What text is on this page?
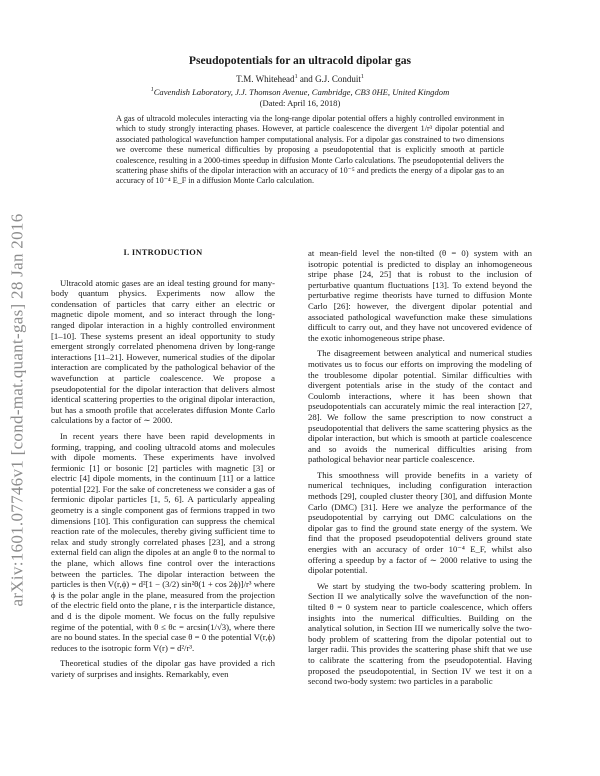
arXiv:1601.07746v1 [cond-mat.quant-gas] 28 Jan 2016
Pseudopotentials for an ultracold dipolar gas
T.M. Whitehead$^1$ and G.J. Conduit$^1$
$^1$Cavendish Laboratory, J.J. Thomson Avenue, Cambridge, CB3 0HE, United Kingdom
(Dated: April 16, 2018)
A gas of ultracold molecules interacting via the long-range dipolar potential offers a highly controlled environment in which to study strongly interacting phases. However, at particle coalescence the divergent 1/r³ dipolar potential and associated pathological wavefunction hamper computational analysis. For a dipolar gas constrained to two dimensions we overcome these numerical difficulties by proposing a pseudopotential that is explicitly smooth at particle coalescence, resulting in a 2000-times speedup in diffusion Monte Carlo calculations. The pseudopotential delivers the scattering phase shifts of the dipolar interaction with an accuracy of 10⁻⁵ and predicts the energy of a dipolar gas to an accuracy of 10⁻⁴ E_F in a diffusion Monte Carlo calculation.
I. INTRODUCTION

Ultracold atomic gases are an ideal testing ground for many-body quantum physics. Experiments now allow the condensation of particles that carry either an electric or magnetic dipole moment, and so interact through the long-ranged dipolar interaction in a highly controlled environment [1–10]. These systems present an ideal opportunity to study emergent strongly correlated phenomena driven by long-range interactions [11–21]. However, numerical studies of the dipolar interaction are complicated by the pathological behavior of the wavefunction at particle coalescence. We propose a pseudopotential for the dipolar interaction that delivers almost identical scattering properties to the original dipolar interaction, but has a smooth profile that accelerates diffusion Monte Carlo calculations by a factor of ∼ 2000.

In recent years there have been rapid developments in forming, trapping, and cooling ultracold atoms and molecules with dipole moments. These experiments have involved fermionic [1] or bosonic [2] particles with magnetic [3] or electric [4] dipole moments, in the continuum [11] or a lattice potential [22]. For the sake of concreteness we consider a gas of fermionic dipolar particles [1, 5, 6]. A particularly appealing geometry is a single component gas of fermions trapped in two dimensions [10]. This configuration can suppress the chemical reaction rate of the molecules, thereby giving sufficient time to relax and study strongly correlated phases [23], and a strong external field can align the dipoles at an angle θ to the normal to the plane, which allows fine control over the interactions between the particles. The dipolar interaction between the particles is then V(r,ϕ) = d²[1 − (3/2) sin²θ(1 + cos 2ϕ)]/r³ where ϕ is the polar angle in the plane, measured from the projection of the electric field onto the plane, r is the interparticle distance, and d is the dipole moment. We focus on the fully repulsive regime of the potential, with θ ≤ θc = arcsin(1/√3), where there are no bound states. In the special case θ = 0 the potential V(r,ϕ) reduces to the isotropic form V(r) = d²/r³.

Theoretical studies of the dipolar gas have provided a rich variety of surprises and insights. Remarkably, even

at mean-field level the non-tilted (θ = 0) system with an isotropic potential is predicted to display an inhomogeneous stripe phase [24, 25] that is robust to the inclusion of perturbative quantum fluctuations [13]. To extend beyond the perturbative regime theorists have turned to diffusion Monte Carlo [26]: however, the divergent dipolar potential and associated pathological wavefunction make these simulations difficult to carry out, and they have not uncovered evidence of the exotic inhomogeneous stripe phase.

The disagreement between analytical and numerical studies motivates us to focus our efforts on improving the modeling of the troublesome dipolar potential. Similar difficulties with divergent potentials arise in the study of the contact and Coulomb interactions, where it has been shown that pseudopotentials can accurately mimic the real interaction [27, 28]. We follow the same prescription to now construct a pseudopotential that delivers the same scattering physics as the dipolar interaction, but which is smooth at particle coalescence and so avoids the numerical difficulties arising from pathological behavior near particle coalescence.

This smoothness will provide benefits in a variety of numerical techniques, including configuration interaction methods [29], coupled cluster theory [30], and diffusion Monte Carlo (DMC) [31]. Here we analyze the performance of the pseudopotential by carrying out DMC calculations on the dipolar gas to find the ground state energy of the system. We find that the proposed pseudopotential delivers ground state energies with an accuracy of order 10⁻⁴ E_F, whilst also offering a speedup by a factor of ∼ 2000 relative to using the dipolar potential.

We start by studying the two-body scattering problem. In Section II we analytically solve the wavefunction of the non-tilted θ = 0 system near to particle coalescence, which offers insights into the numerical difficulties. Building on the analytical solution, in Section III we numerically solve the two-body problem of scattering from the dipolar potential out to larger radii. This provides the scattering phase shift that we use to calibrate the scattering from the pseudopotential. Having proposed the pseudopotential, in Section IV we test it on a second two-body system: two particles in a parabolic
